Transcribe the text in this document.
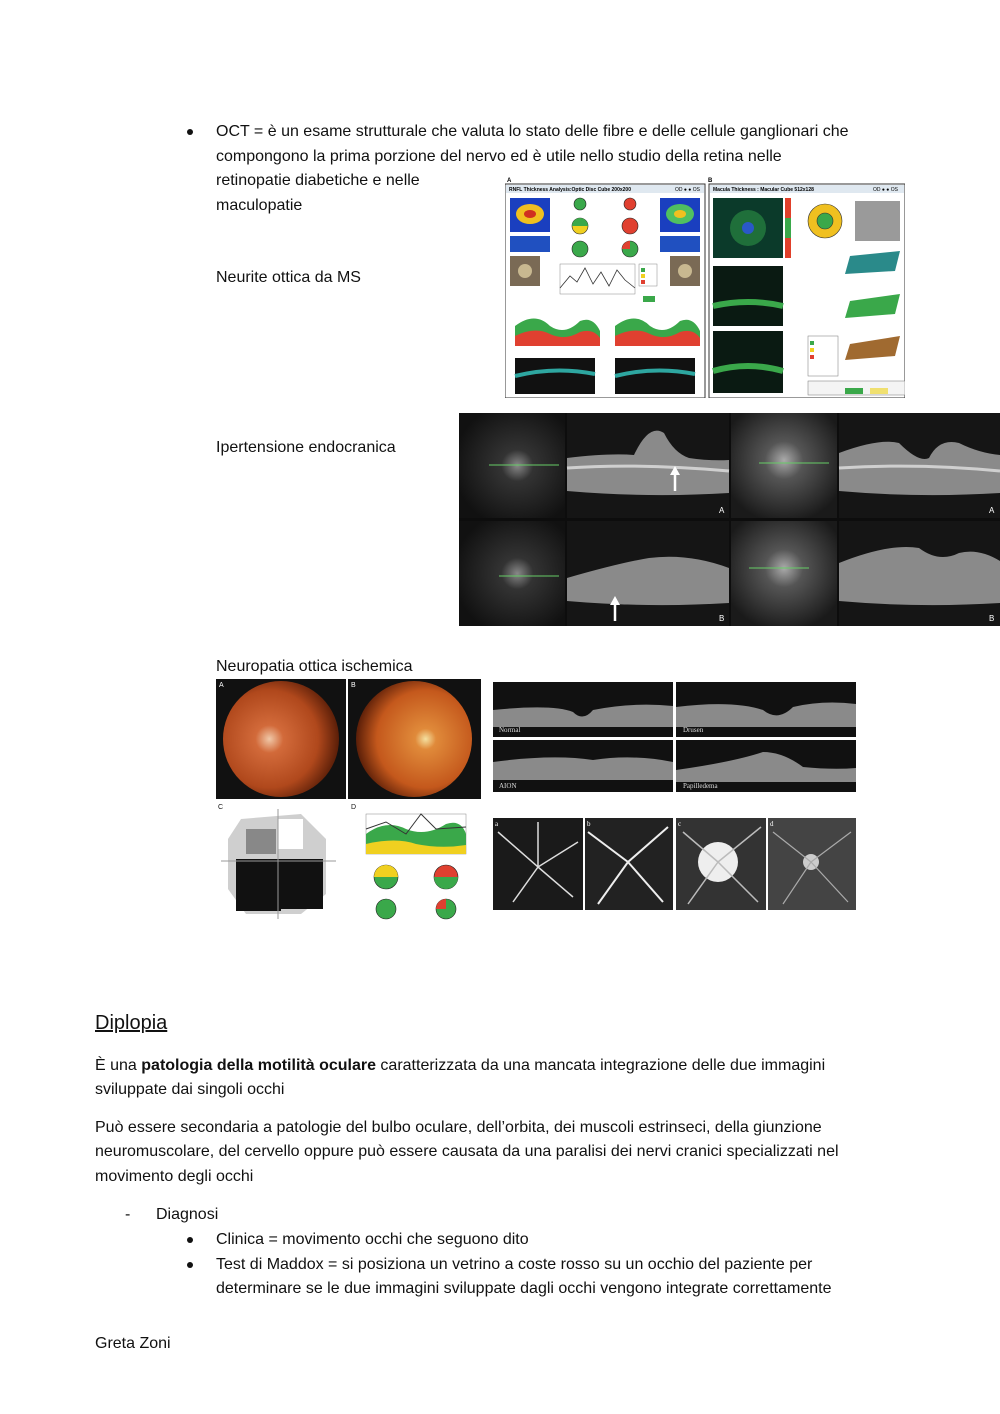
OCT = è un esame strutturale che valuta lo stato delle fibre e delle cellule ganglionari che
compongono la prima porzione del nervo ed è utile nello studio della retina nelle
retinopatie diabetiche e nelle
maculopatie
Neurite ottica da MS
A
RNFL Thickness Analysis:Optic Disc Cube 200x200	OD ● ● OS
B
Macula Thickness : Macular Cube 512x128	OD ● ● OS
Ipertensione endocranica
A	A
B	B
Neuropatia ottica ischemica
A	B
C	D
Normal	Drusen
AION	Papilledema
a	b	c	d
Diplopia
È una patologia della motilità oculare caratterizzata da una mancata integrazione delle due immagini
sviluppate dai singoli occhi
Può essere secondaria a patologie del bulbo oculare, dell’orbita, dei muscoli estrinseci, della giunzione
neuromuscolare, del cervello oppure può essere causata da una paralisi dei nervi cranici specializzati nel
movimento degli occhi
- Diagnosi
Clinica = movimento occhi che seguono dito
Test di Maddox = si posiziona un vetrino a coste rosso su un occhio del paziente per
determinare se le due immagini sviluppate dagli occhi vengono integrate correttamente
Greta Zoni
